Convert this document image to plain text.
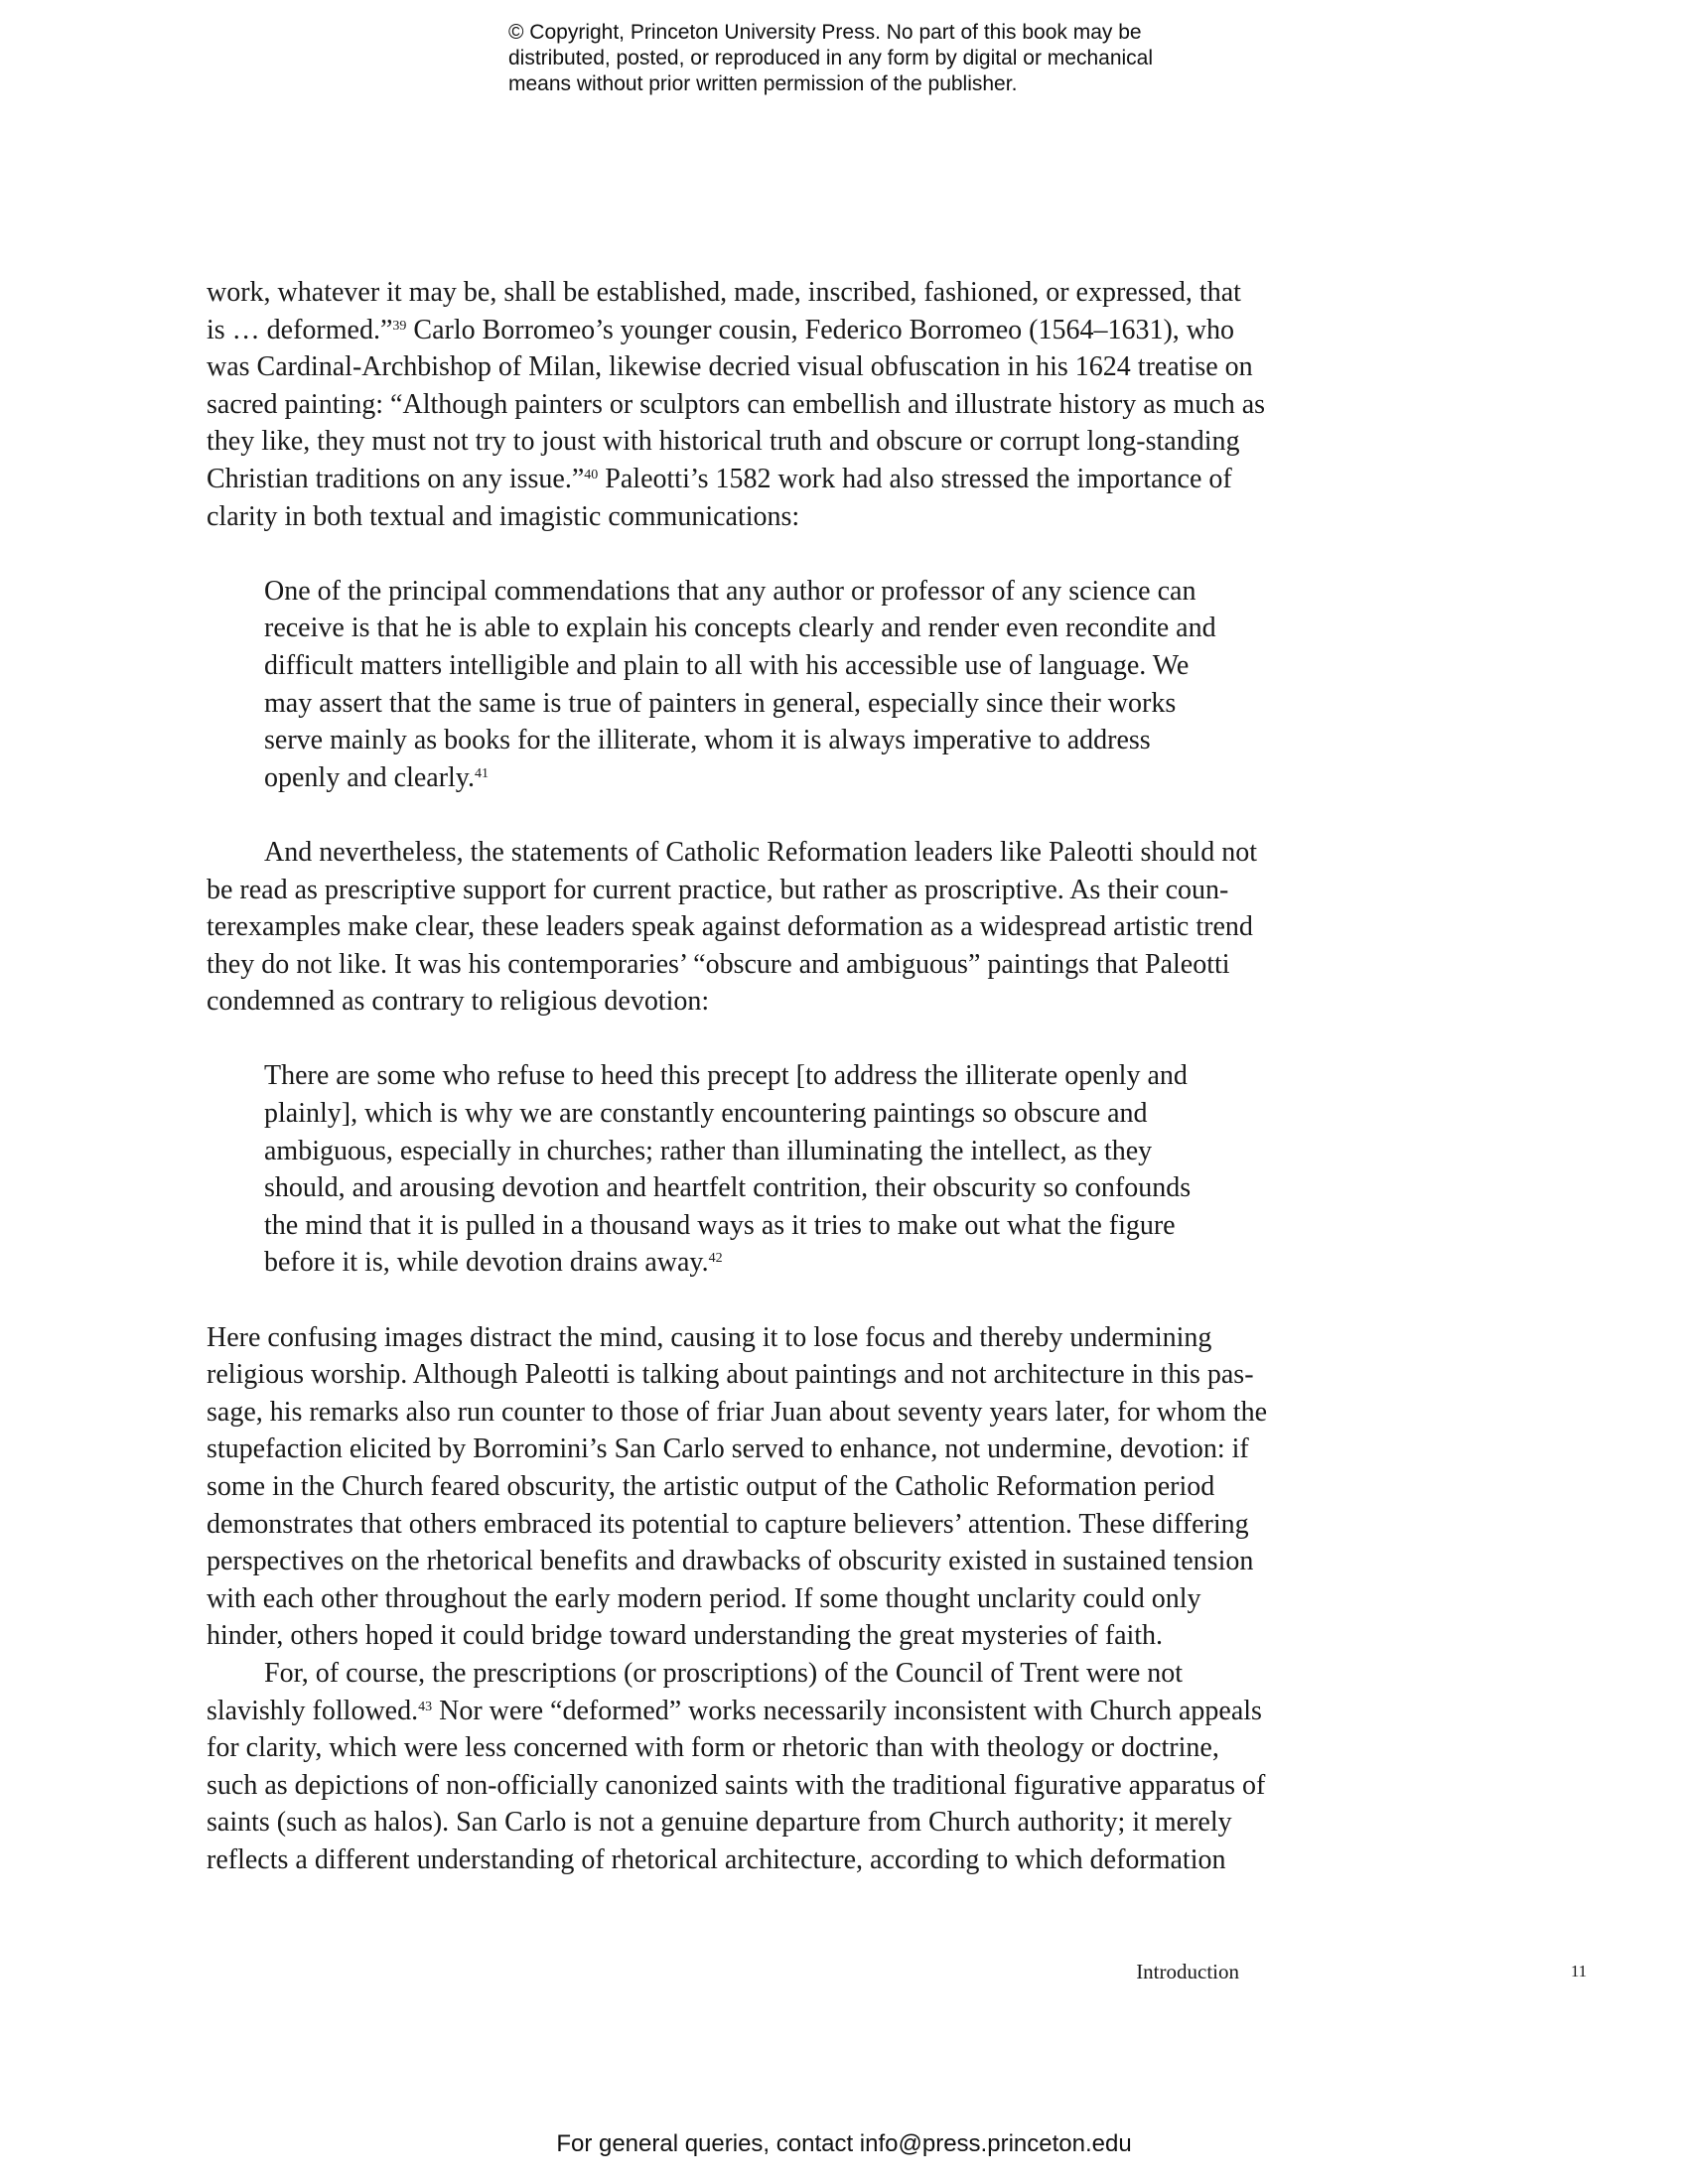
© Copyright, Princeton University Press. No part of this book may be
distributed, posted, or reproduced in any form by digital or mechanical
means without prior written permission of the publisher.
work, whatever it may be, shall be established, made, inscribed, fashioned, or expressed, that
is … deformed.”$^{39}$ Carlo Borromeo’s younger cousin, Federico Borromeo (1564–1631), who
was Cardinal-Archbishop of Milan, likewise decried visual obfuscation in his 1624 treatise on
sacred painting: “Although painters or sculptors can embellish and illustrate history as much as
they like, they must not try to joust with historical truth and obscure or corrupt long-standing
Christian traditions on any issue.”$^{40}$ Paleotti’s 1582 work had also stressed the importance of
clarity in both textual and imagistic communications:
One of the principal commendations that any author or professor of any science can
receive is that he is able to explain his concepts clearly and render even recondite and
difficult matters intelligible and plain to all with his accessible use of language. We
may assert that the same is true of painters in general, especially since their works
serve mainly as books for the illiterate, whom it is always imperative to address
openly and clearly.$^{41}$
And nevertheless, the statements of Catholic Reformation leaders like Paleotti should not
be read as prescriptive support for current practice, but rather as proscriptive. As their coun-
terexamples make clear, these leaders speak against deformation as a widespread artistic trend
they do not like. It was his contemporaries’ “obscure and ambiguous” paintings that Paleotti
condemned as contrary to religious devotion:
There are some who refuse to heed this precept [to address the illiterate openly and
plainly], which is why we are constantly encountering paintings so obscure and
ambiguous, especially in churches; rather than illuminating the intellect, as they
should, and arousing devotion and heartfelt contrition, their obscurity so confounds
the mind that it is pulled in a thousand ways as it tries to make out what the figure
before it is, while devotion drains away.$^{42}$
Here confusing images distract the mind, causing it to lose focus and thereby undermining
religious worship. Although Paleotti is talking about paintings and not architecture in this pas-
sage, his remarks also run counter to those of friar Juan about seventy years later, for whom the
stupefaction elicited by Borromini’s San Carlo served to enhance, not undermine, devotion: if
some in the Church feared obscurity, the artistic output of the Catholic Reformation period
demonstrates that others embraced its potential to capture believers’ attention. These differing
perspectives on the rhetorical benefits and drawbacks of obscurity existed in sustained tension
with each other throughout the early modern period. If some thought unclarity could only
hinder, others hoped it could bridge toward understanding the great mysteries of faith.
For, of course, the prescriptions (or proscriptions) of the Council of Trent were not
slavishly followed.$^{43}$ Nor were “deformed” works necessarily inconsistent with Church appeals
for clarity, which were less concerned with form or rhetoric than with theology or doctrine,
such as depictions of non-officially canonized saints with the traditional figurative apparatus of
saints (such as halos). San Carlo is not a genuine departure from Church authority; it merely
reflects a different understanding of rhetorical architecture, according to which deformation
Introduction	11
For general queries, contact info@press.princeton.edu
